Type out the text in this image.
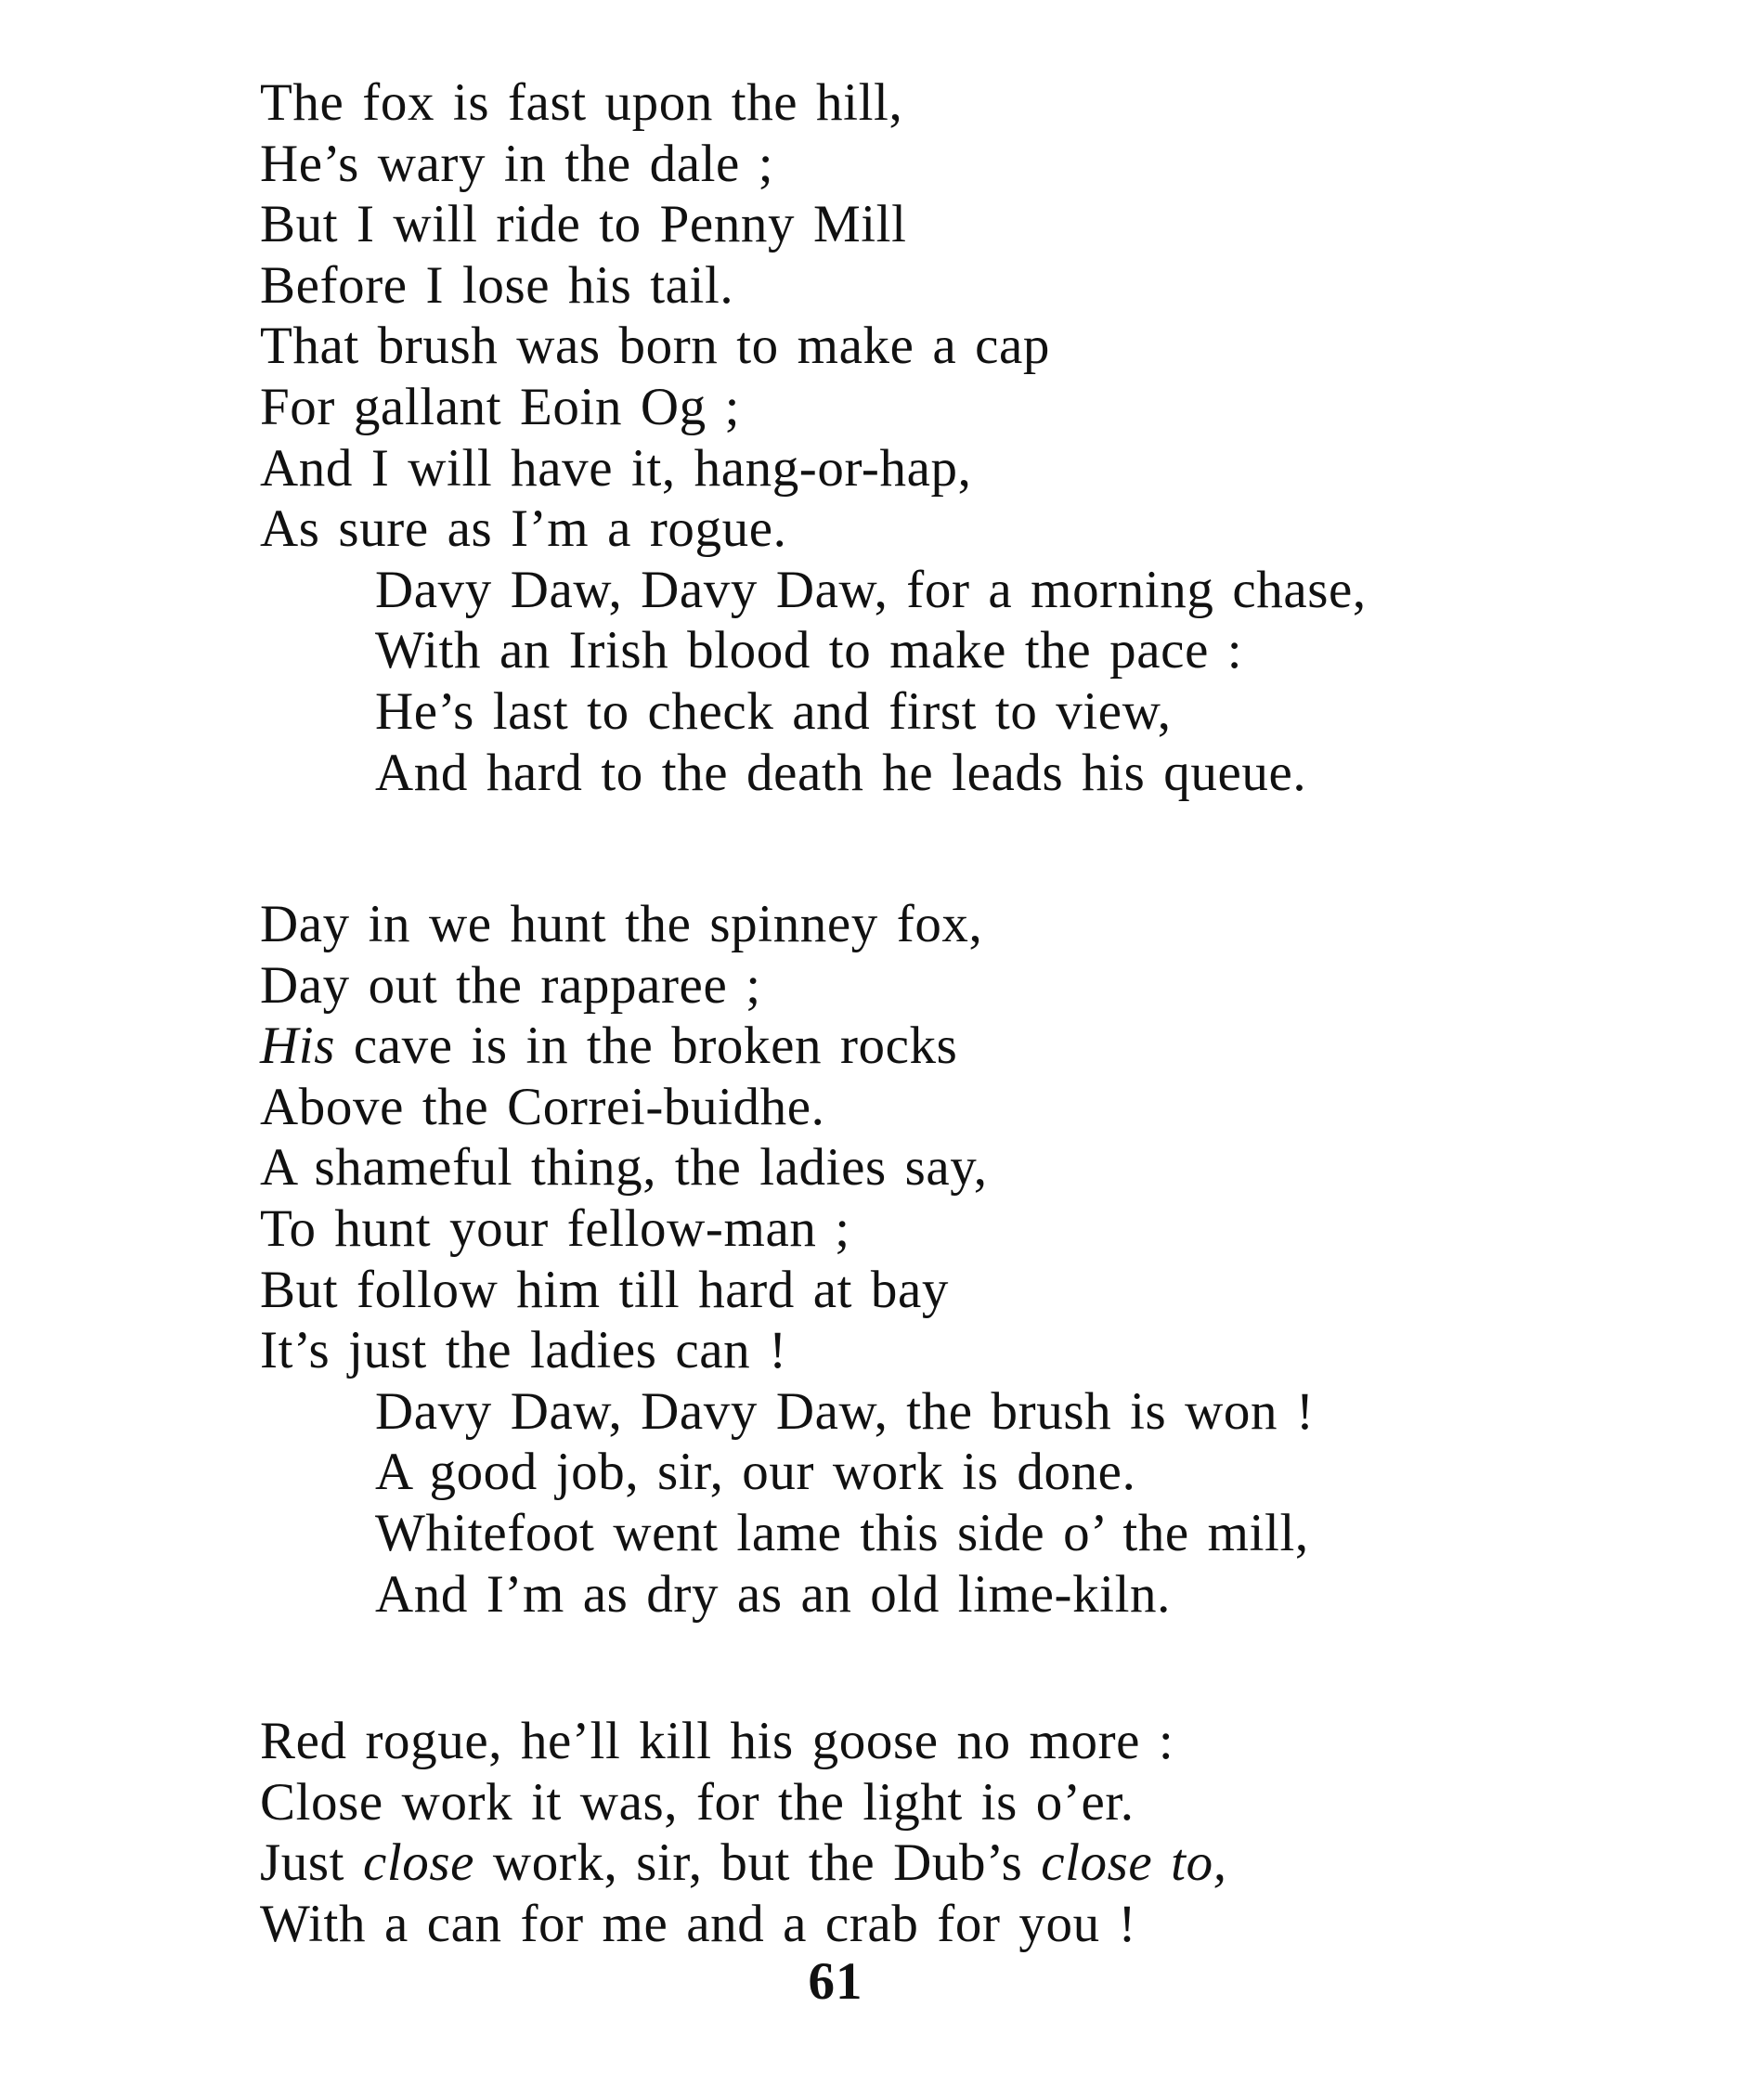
The fox is fast upon the hill,
He’s wary in the dale ;
But I will ride to Penny Mill
Before I lose his tail.
That brush was born to make a cap
For gallant Eoin Og ;
And I will have it, hang-or-hap,
As sure as I’m a rogue.
Davy Daw, Davy Daw, for a morning chase,
With an Irish blood to make the pace :
He’s last to check and first to view,
And hard to the death he leads his queue.
Day in we hunt the spinney fox,
Day out the rapparee ;
His cave is in the broken rocks
Above the Correi-buidhe.
A shameful thing, the ladies say,
To hunt your fellow-man ;
But follow him till hard at bay
It’s just the ladies can !
Davy Daw, Davy Daw, the brush is won !
A good job, sir, our work is done.
Whitefoot went lame this side o’ the mill,
And I’m as dry as an old lime-kiln.
Red rogue, he’ll kill his goose no more :
Close work it was, for the light is o’er.
Just close work, sir, but the Dub’s close to,
With a can for me and a crab for you !
61
